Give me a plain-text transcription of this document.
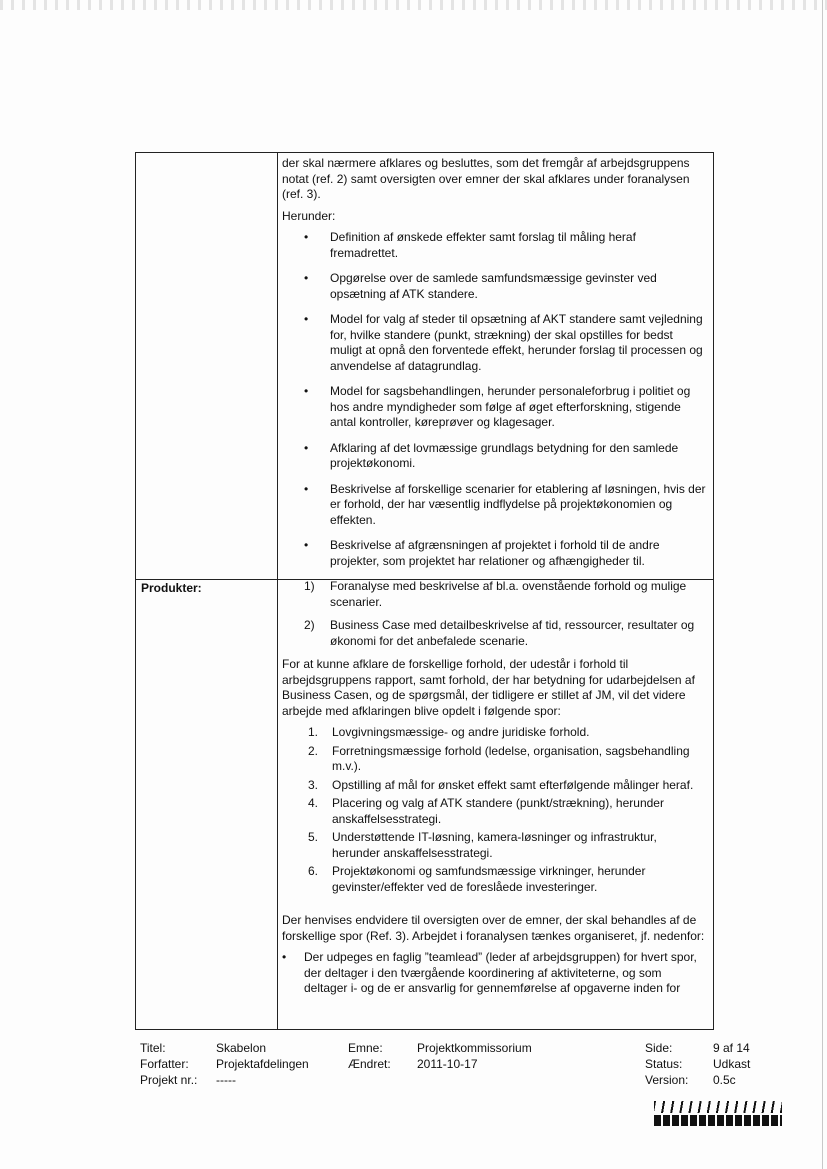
Produkter:

der skal nærmere afklares og besluttes, som det fremgår af arbejdsgruppens notat (ref. 2) samt oversigten over emner der skal afklares under foranalysen (ref. 3).

Herunder:

• Definition af ønskede effekter samt forslag til måling heraf fremadrettet.
• Opgørelse over de samlede samfundsmæssige gevinster ved opsætning af ATK standere.
• Model for valg af steder til opsætning af AKT standere samt vejledning for, hvilke standere (punkt, strækning) der skal opstilles for bedst muligt at opnå den forventede effekt, herunder forslag til processen og anvendelse af datagrundlag.
• Model for sagsbehandlingen, herunder personaleforbrug i politiet og hos andre myndigheder som følge af øget efterforskning, stigende antal kontroller, køreprøver og klagesager.
• Afklaring af det lovmæssige grundlags betydning for den samlede projektøkonomi.
• Beskrivelse af forskellige scenarier for etablering af løsningen, hvis der er forhold, der har væsentlig indflydelse på projektøkonomien og effekten.
• Beskrivelse af afgrænsningen af projektet i forhold til de andre projekter, som projektet har relationer og afhængigheder til.
1) Foranalyse med beskrivelse af bl.a. ovenstående forhold og mulige scenarier.
2) Business Case med detailbeskrivelse af tid, ressourcer, resultater og økonomi for det anbefalede scenarie.

For at kunne afklare de forskellige forhold, der udestår i forhold til arbejdsgruppens rapport, samt forhold, der har betydning for udarbejdelsen af Business Casen, og de spørgsmål, der tidligere er stillet af JM, vil det videre arbejde med afklaringen blive opdelt i følgende spor:

1. Lovgivningsmæssige- og andre juridiske forhold.
2. Forretningsmæssige forhold (ledelse, organisation, sagsbehandling m.v.).
3. Opstilling af mål for ønsket effekt samt efterfølgende målinger heraf.
4. Placering og valg af ATK standere (punkt/strækning), herunder anskaffelsesstrategi.
5. Understøttende IT-løsning, kamera-løsninger og infrastruktur, herunder anskaffelsesstrategi.
6. Projektøkonomi og samfundsmæssige virkninger, herunder gevinster/effekter ved de foreslåede investeringer.

Der henvises endvidere til oversigten over de emner, der skal behandles af de forskellige spor (Ref. 3). Arbejdet i foranalysen tænkes organiseret, jf. nedenfor:

• Der udpeges en faglig ”teamlead” (leder af arbejdsgruppen) for hvert spor, der deltager i den tværgående koordinering af aktiviteterne, og som deltager i- og de er ansvarlig for gennemførelse af opgaverne inden for
Titel:
Forfatter:
Projekt nr.:
Skabelon
Projektafdelingen
-----
Emne:
Ændret:
Projektkommissorium
2011-10-17
Side:
Status:
Version:
9 af 14
Udkast
0.5c
